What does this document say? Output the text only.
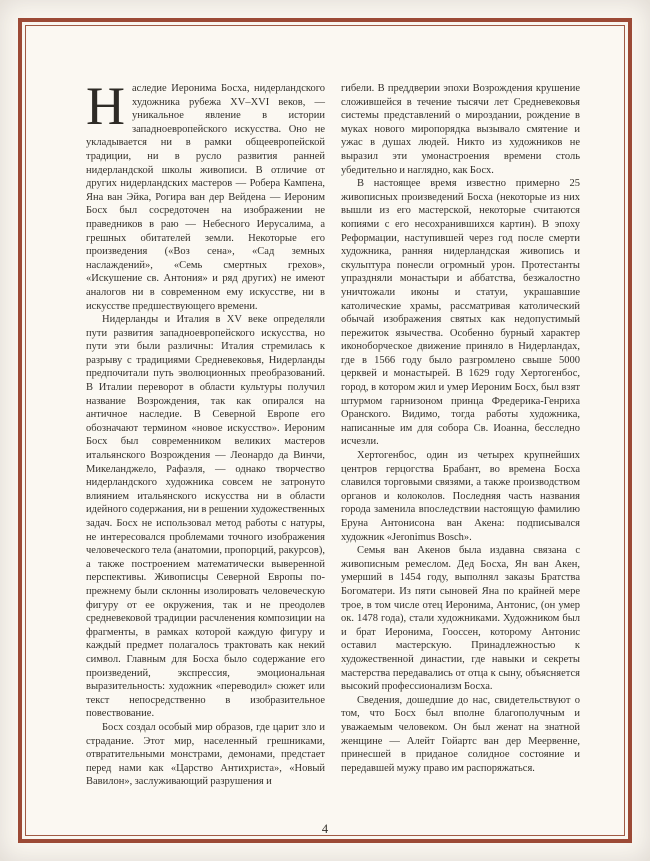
Наследие Иеронима Босха, нидерландского художника рубежа XV–XVI веков, — уникальное явление в истории западноевропейского искусства. Оно не укладывается ни в рамки общеевропейской традиции, ни в русло развития ранней нидерландской школы живописи. В отличие от других нидерландских мастеров — Робера Кампена, Яна ван Эйка, Рогира ван дер Вейдена — Иероним Босх был сосредоточен на изображении не праведников в раю — Небесного Иерусалима, а грешных обитателей земли. Некоторые его произведения («Воз сена», «Сад земных наслаждений», «Семь смертных грехов», «Искушение св. Антония» и ряд других) не имеют аналогов ни в современном ему искусстве, ни в искусстве предшествующего времени.

Нидерланды и Италия в XV веке определяли пути развития западноевропейского искусства, но пути эти были различны: Италия стремилась к разрыву с традициями Средневековья, Нидерланды предпочитали путь эволюционных преобразований. В Италии переворот в области культуры получил название Возрождения, так как опирался на античное наследие. В Северной Европе его обозначают термином «новое искусство». Иероним Босх был современником великих мастеров итальянского Возрождения — Леонардо да Винчи, Микеланджело, Рафаэля, — однако творчество нидерландского художника совсем не затронуто влиянием итальянского искусства ни в области идейного содержания, ни в решении художественных задач. Босх не использовал метод работы с натуры, не интересовался проблемами точного изображения человеческого тела (анатомии, пропорций, ракурсов), а также построением математически выверенной перспективы. Живописцы Северной Европы по-прежнему были склонны изолировать человеческую фигуру от ее окружения, так и не преодолев средневековой традиции расчленения композиции на фрагменты, в рамках которой каждую фигуру и каждый предмет полагалось трактовать как некий символ. Главным для Босха было содержание его произведений, экспрессия, эмоциональная выразительность: художник «переводил» сюжет или текст непосредственно в изобразительное повествование.

Босх создал особый мир образов, где царит зло и страдание. Этот мир, населенный грешниками, отвратительными монстрами, демонами, предстает перед нами как «Царство Антихриста», «Новый Вавилон», заслуживающий разрушения и

гибели. В преддверии эпохи Возрождения крушение сложившейся в течение тысячи лет Средневековья системы представлений о мироздании, рождение в муках нового миропорядка вызывало смятение и ужас в душах людей. Никто из художников не выразил эти умонастроения времени столь убедительно и наглядно, как Босх.

В настоящее время известно примерно 25 живописных произведений Босха (некоторые из них вышли из его мастерской, некоторые считаются копиями с его несохранившихся картин). В эпоху Реформации, наступившей через год после смерти художника, ранняя нидерландская живопись и скульптура понесли огромный урон. Протестанты упраздняли монастыри и аббатства, безжалостно уничтожали иконы и статуи, украшавшие католические храмы, рассматривая католический обычай изображения святых как недопустимый пережиток язычества. Особенно бурный характер иконоборческое движение приняло в Нидерландах, где в 1566 году было разгромлено свыше 5000 церквей и монастырей. В 1629 году Хертогенбос, город, в котором жил и умер Иероним Босх, был взят штурмом гарнизоном принца Фредерика-Генриха Оранского. Видимо, тогда работы художника, написанные им для собора Св. Иоанна, бесследно исчезли.

Хертогенбос, один из четырех крупнейших центров герцогства Брабант, во времена Босха славился торговыми связями, а также производством органов и колоколов. Последняя часть названия города заменила впоследствии настоящую фамилию Еруна Антонисона ван Акена: подписывался художник «Jeronimus Bosch».

Семья ван Акенов была издавна связана с живописным ремеслом. Дед Босха, Ян ван Акен, умерший в 1454 году, выполнял заказы Братства Богоматери. Из пяти сыновей Яна по крайней мере трое, в том числе отец Иеронима, Антонис, (он умер ок. 1478 года), стали художниками. Художником был и брат Иеронима, Гооссен, которому Антонис оставил мастерскую. Принадлежностью к художественной династии, где навыки и секреты мастерства передавались от отца к сыну, объясняется высокий профессионализм Босха.

Сведения, дошедшие до нас, свидетельствуют о том, что Босх был вполне благополучным и уважаемым человеком. Он был женат на знатной женщине — Алейт Гойартс ван дер Меервенне, принесшей в приданое солидное состояние и передавшей мужу право им распоряжаться.

4
